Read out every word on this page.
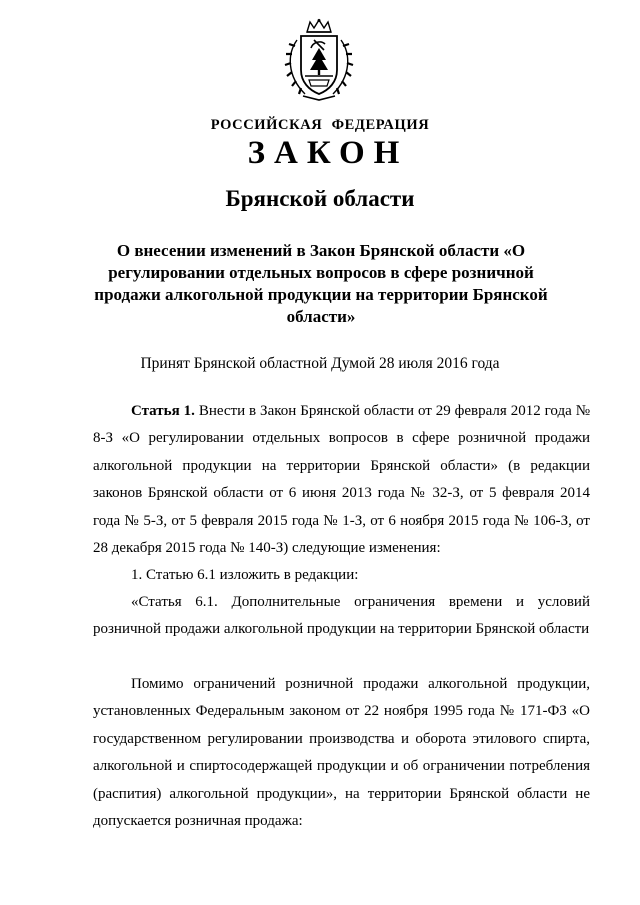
РОССИЙСКАЯ ФЕДЕРАЦИЯ
ЗАКОН
Брянской области
О внесении изменений в Закон Брянской области «О регулировании отдельных вопросов в сфере розничной продажи алкогольной продукции на территории Брянской области»
Принят Брянской областной Думой 28 июля 2016 года
Статья 1. Внести в Закон Брянской области от 29 февраля 2012 года № 8-З «О регулировании отдельных вопросов в сфере розничной продажи алкогольной продукции на территории Брянской области» (в редакции законов Брянской области от 6 июня 2013 года № 32-З, от 5 февраля 2014 года № 5-З, от 5 февраля 2015 года № 1-З, от 6 ноября 2015 года № 106-З, от 28 декабря 2015 года № 140-З) следующие изменения:
1. Статью 6.1 изложить в редакции:
«Статья 6.1. Дополнительные ограничения времени и условий розничной продажи алкогольной продукции на территории Брянской области
Помимо ограничений розничной продажи алкогольной продукции, установленных Федеральным законом от 22 ноября 1995 года № 171-ФЗ «О государственном регулировании производства и оборота этилового спирта, алкогольной и спиртосодержащей продукции и об ограничении потребления (распития) алкогольной продукции», на территории Брянской области не допускается розничная продажа:
